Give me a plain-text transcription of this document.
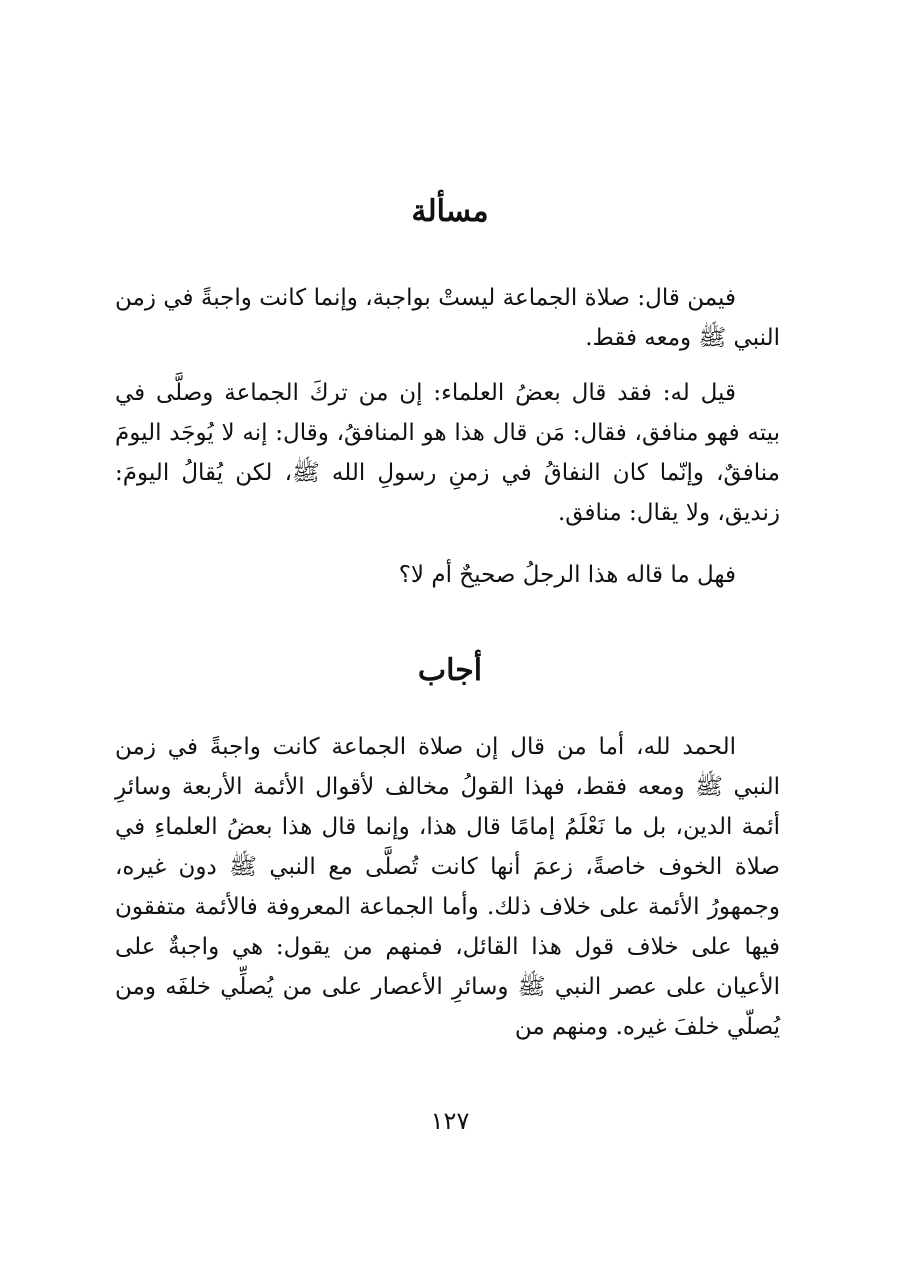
مسألة

فيمن قال: صلاة الجماعة ليستْ بواجبة، وإنما كانت واجبةً في زمن النبي ﷺ ومعه فقط.

قيل له: فقد قال بعضُ العلماء: إن من تركَ الجماعة وصلَّى في بيته فهو منافق، فقال: مَن قال هذا هو المنافقُ، وقال: إنه لا يُوجَد اليومَ منافقٌ، وإنّما كان النفاقُ في زمنِ رسولِ الله ﷺ، لكن يُقالُ اليومَ: زنديق، ولا يقال: منافق.

فهل ما قاله هذا الرجلُ صحيحٌ أم لا؟

أجاب

الحمد لله، أما من قال إن صلاة الجماعة كانت واجبةً في زمن النبي ﷺ ومعه فقط، فهذا القولُ مخالف لأقوال الأئمة الأربعة وسائرِ أئمة الدين، بل ما نَعْلَمُ إمامًا قال هذا، وإنما قال هذا بعضُ العلماءِ في صلاة الخوف خاصةً، زعمَ أنها كانت تُصلَّى مع النبي ﷺ دون غيره، وجمهورُ الأئمة على خلاف ذلك. وأما الجماعة المعروفة فالأئمة متفقون فيها على خلاف قول هذا القائل، فمنهم من يقول: هي واجبةٌ على الأعيان على عصر النبي ﷺ وسائرِ الأعصار على من يُصلِّي خلفَه ومن يُصلّي خلفَ غيره. ومنهم من

١٢٧
